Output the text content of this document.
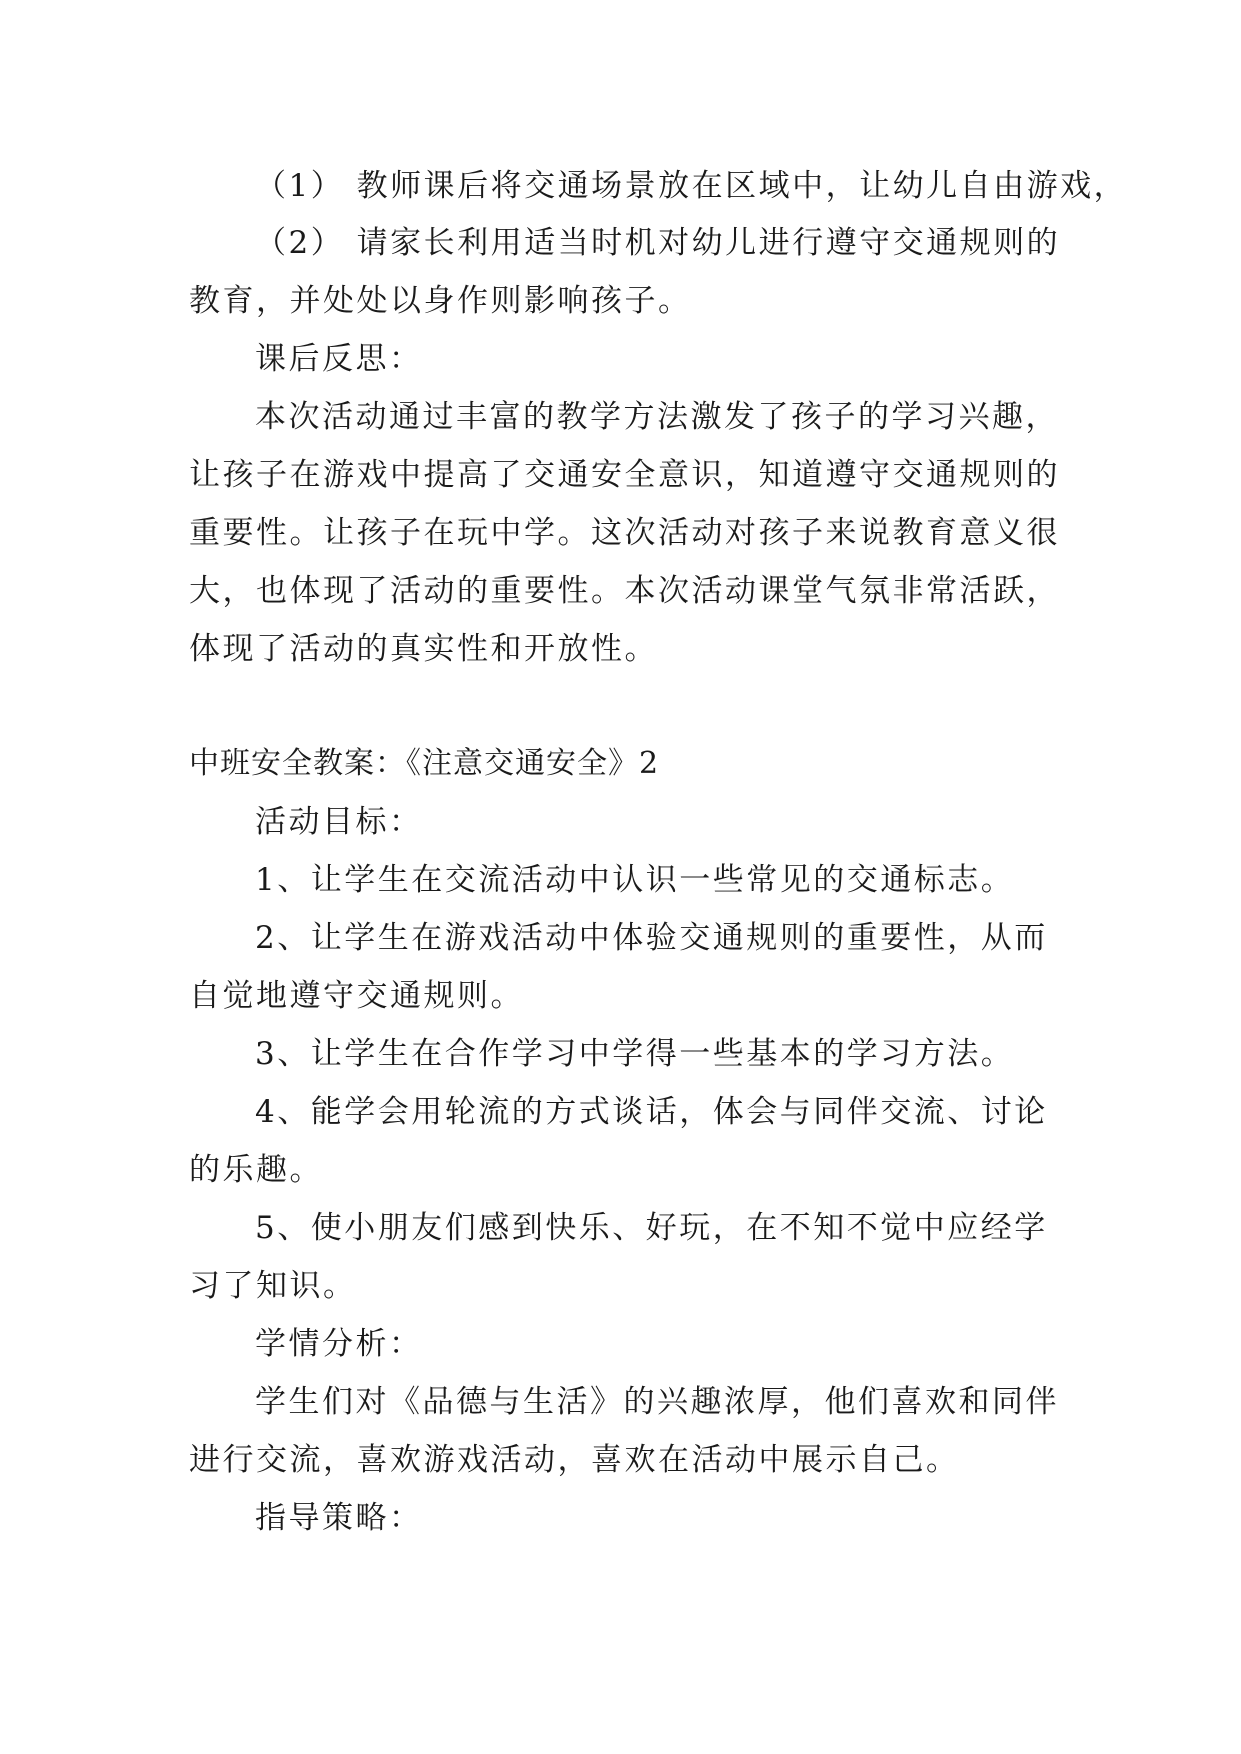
（1） 教师课后将交通场景放在区域中，让幼儿自由游戏，
（2） 请家长利用适当时机对幼儿进行遵守交通规则的
教育，并处处以身作则影响孩子。
课后反思：
本次活动通过丰富的教学方法激发了孩子的学习兴趣，
让孩子在游戏中提高了交通安全意识，知道遵守交通规则的
重要性。让孩子在玩中学。这次活动对孩子来说教育意义很
大，也体现了活动的重要性。本次活动课堂气氛非常活跃，
体现了活动的真实性和开放性。
中班安全教案：《注意交通安全》2
活动目标：
1、让学生在交流活动中认识一些常见的交通标志。
2、让学生在游戏活动中体验交通规则的重要性，从而
自觉地遵守交通规则。
3、让学生在合作学习中学得一些基本的学习方法。
4、能学会用轮流的方式谈话，体会与同伴交流、讨论
的乐趣。
5、使小朋友们感到快乐、好玩，在不知不觉中应经学
习了知识。
学情分析：
学生们对《品德与生活》的兴趣浓厚，他们喜欢和同伴
进行交流，喜欢游戏活动，喜欢在活动中展示自己。
指导策略：
